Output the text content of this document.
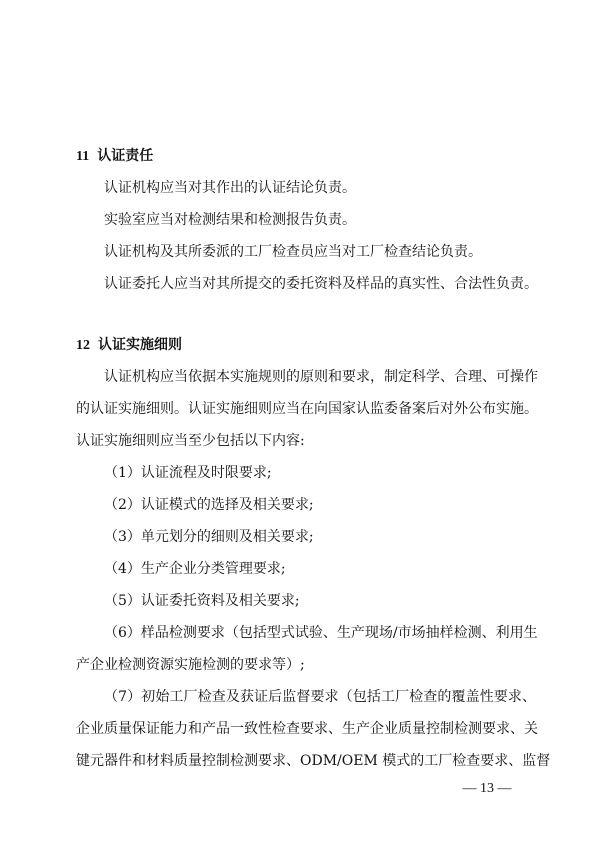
11 认证责任
认证机构应当对其作出的认证结论负责。
实验室应当对检测结果和检测报告负责。
认证机构及其所委派的工厂检查员应当对工厂检查结论负责。
认证委托人应当对其所提交的委托资料及样品的真实性、合法性负责。
12 认证实施细则
认证机构应当依据本实施规则的原则和要求，制定科学、合理、可操作
的认证实施细则。认证实施细则应当在向国家认监委备案后对外公布实施。
认证实施细则应当至少包括以下内容:
（1）认证流程及时限要求;
（2）认证模式的选择及相关要求;
（3）单元划分的细则及相关要求;
（4）生产企业分类管理要求;
（5）认证委托资料及相关要求;
（6）样品检测要求（包括型式试验、生产现场/市场抽样检测、利用生
产企业检测资源实施检测的要求等）;
（7）初始工厂检查及获证后监督要求（包括工厂检查的覆盖性要求、
企业质量保证能力和产品一致性检查要求、生产企业质量控制检测要求、关
键元器件和材料质量控制检测要求、ODM/OEM 模式的工厂检查要求、监督
— 13 —
